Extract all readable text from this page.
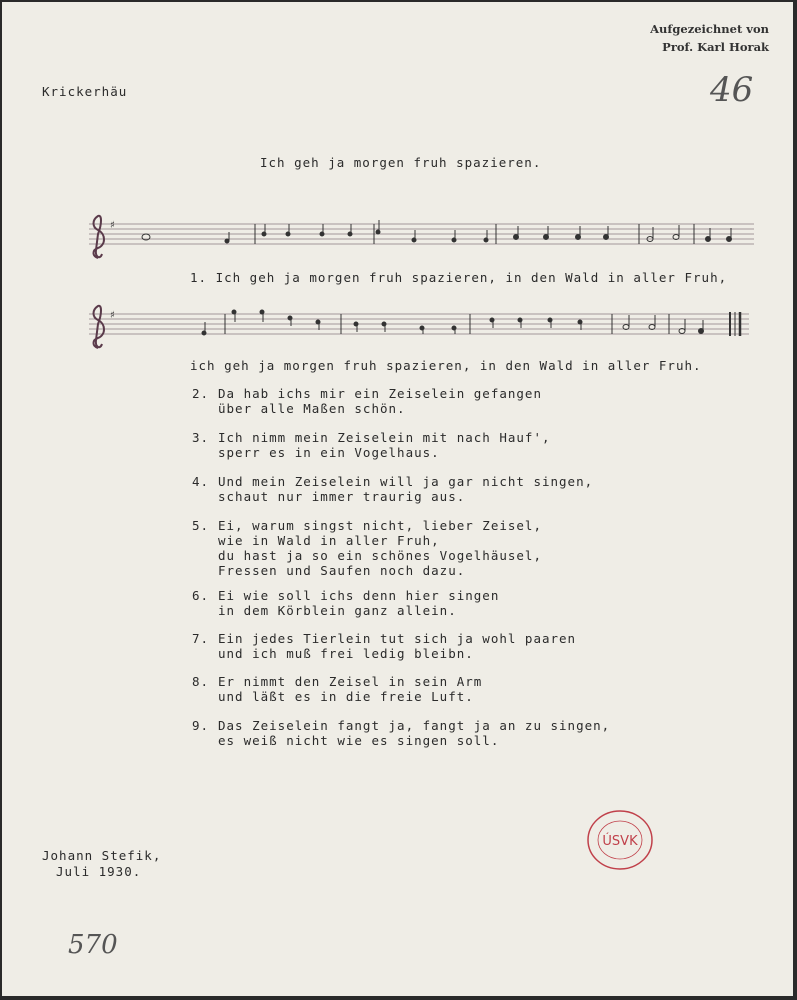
Aufgezeichnet von
Prof. Karl Horak
46
Krickerhäu
Ich geh ja morgen fruh spazieren.
♯
1. Ich geh ja morgen fruh spazieren, in den Wald in aller Fruh,
♯
ich geh ja morgen fruh spazieren, in den Wald in aller Fruh.
2. Da hab ichs mir ein Zeiselein gefangen
über alle Maßen schön.
3. Ich nimm mein Zeiselein mit nach Hauf',
sperr es in ein Vogelhaus.
4. Und mein Zeiselein will ja gar nicht singen,
schaut nur immer traurig aus.
5. Ei, warum singst nicht, lieber Zeisel,
wie in Wald in aller Fruh,
du hast ja so ein schönes Vogelhäusel,
Fressen und Saufen noch dazu.
6. Ei wie soll ichs denn hier singen
in dem Körblein ganz allein.
7. Ein jedes Tierlein tut sich ja wohl paaren
und ich muß frei ledig bleibn.
8. Er nimmt den Zeisel in sein Arm
und läßt es in die freie Luft.
9. Das Zeiselein fangt ja, fangt ja an zu singen,
es weiß nicht wie es singen soll.
Johann Stefik,
Juli 1930.
570
ÚSVK
